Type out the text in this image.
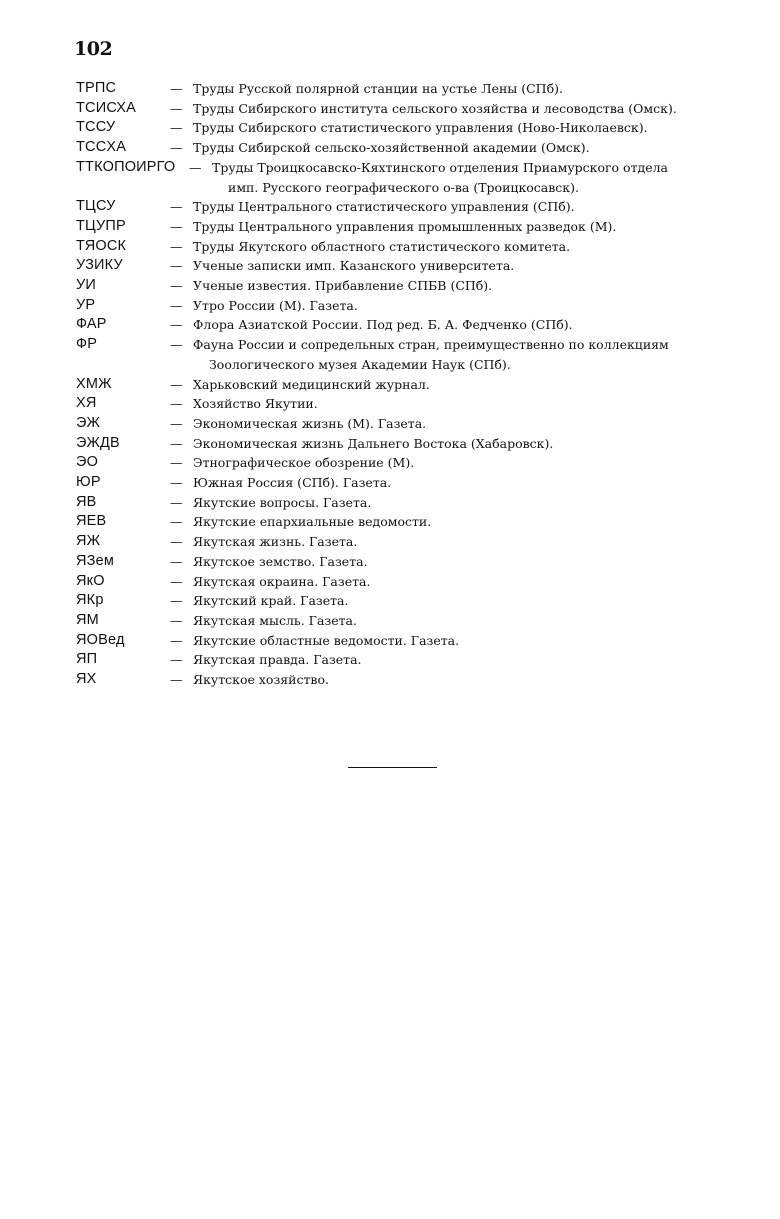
102
ТРПС	— Труды Русской полярной станции на устье Лены (СПб).
ТСИСХА	— Труды Сибирского института сельского хозяйства и лесоводства (Омск).
ТССУ	— Труды Сибирского статистического управления (Ново-Николаевск).
ТСCХА	— Труды Сибирской сельско-хозяйственной академии (Омск).
ТТКОПОИРГО	— Труды Троицкосавско-Кяхтинского отделения Приамурского отдела
имп. Русского географического о-ва (Троицкосавск).
ТЦСУ	— Труды Центрального статистического управления (СПб).
ТЦУПР	— Труды Центрального управления промышленных разведок (М).
ТЯОСК	— Труды Якутского областного статистического комитета.
УЗИКУ	— Ученые записки имп. Казанского университета.
УИ	— Ученые известия. Прибавление СПБВ (СПб).
УР	— Утро России (М). Газета.
ФАР	— Флора Азиатской России. Под ред. Б. А. Федченко (СПб).
ФР	— Фауна России и сопредельных стран, преимущественно по коллекциям
Зоологического музея Академии Наук (СПб).
ХМЖ	— Харьковский медицинский журнал.
ХЯ	— Хозяйство Якутии.
ЭЖ	— Экономическая жизнь (М). Газета.
ЭЖДВ	— Экономическая жизнь Дальнего Востока (Хабаровск).
ЭО	— Этнографическое обозрение (М).
ЮР	— Южная Россия (СПб). Газета.
ЯВ	— Якутские вопросы. Газета.
ЯЕВ	— Якутские епархиальные ведомости.
ЯЖ	— Якутская жизнь. Газета.
ЯЗем	— Якутское земство. Газета.
ЯкО	— Якутская окраина. Газета.
ЯКр	— Якутский край. Газета.
ЯМ	— Якутская мысль. Газета.
ЯОВед	— Якутские областные ведомости. Газета.
ЯП	— Якутская правда. Газета.
ЯХ	— Якутское хозяйство.
